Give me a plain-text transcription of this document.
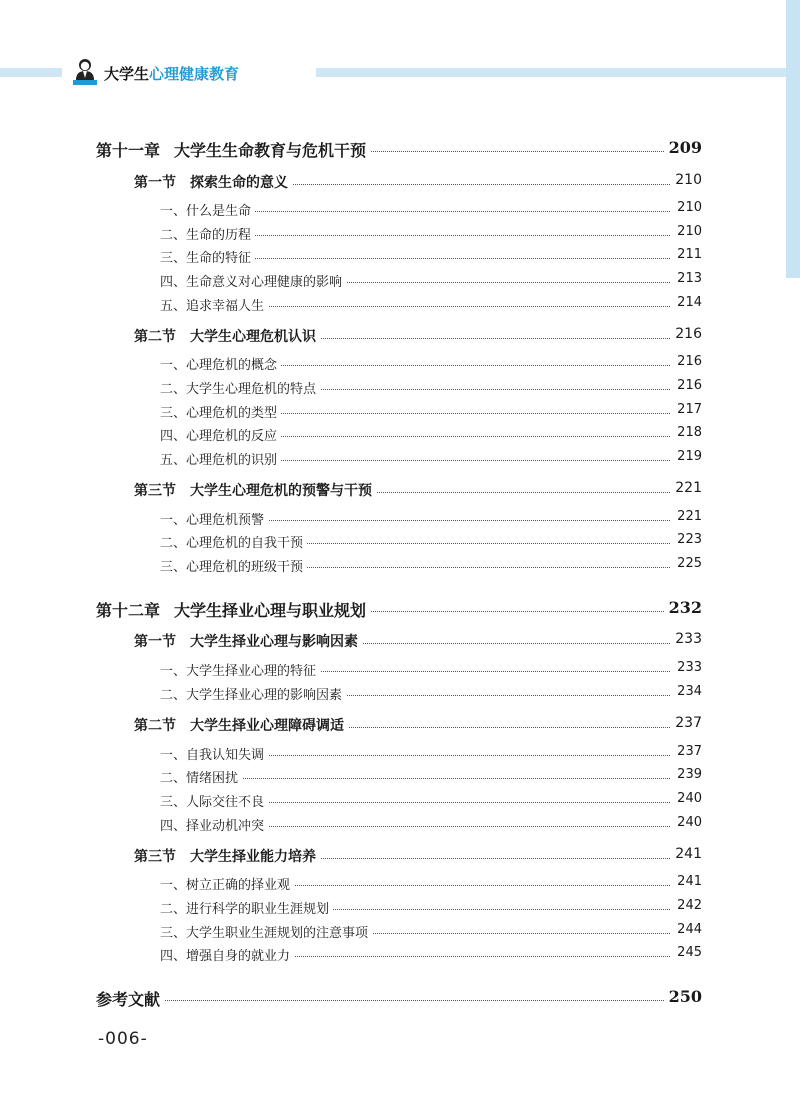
大学生心理健康教育
第十一章 大学生生命教育与危机干预	209
第一节 探索生命的意义	210
一、什么是生命	210
二、生命的历程	210
三、生命的特征	211
四、生命意义对心理健康的影响	213
五、追求幸福人生	214
第二节 大学生心理危机认识	216
一、心理危机的概念	216
二、大学生心理危机的特点	216
三、心理危机的类型	217
四、心理危机的反应	218
五、心理危机的识别	219
第三节 大学生心理危机的预警与干预	221
一、心理危机预警	221
二、心理危机的自我干预	223
三、心理危机的班级干预	225
第十二章 大学生择业心理与职业规划	232
第一节 大学生择业心理与影响因素	233
一、大学生择业心理的特征	233
二、大学生择业心理的影响因素	234
第二节 大学生择业心理障碍调适	237
一、自我认知失调	237
二、情绪困扰	239
三、人际交往不良	240
四、择业动机冲突	240
第三节 大学生择业能力培养	241
一、树立正确的择业观	241
二、进行科学的职业生涯规划	242
三、大学生职业生涯规划的注意事项	244
四、增强自身的就业力	245
参考文献	250
-006-
